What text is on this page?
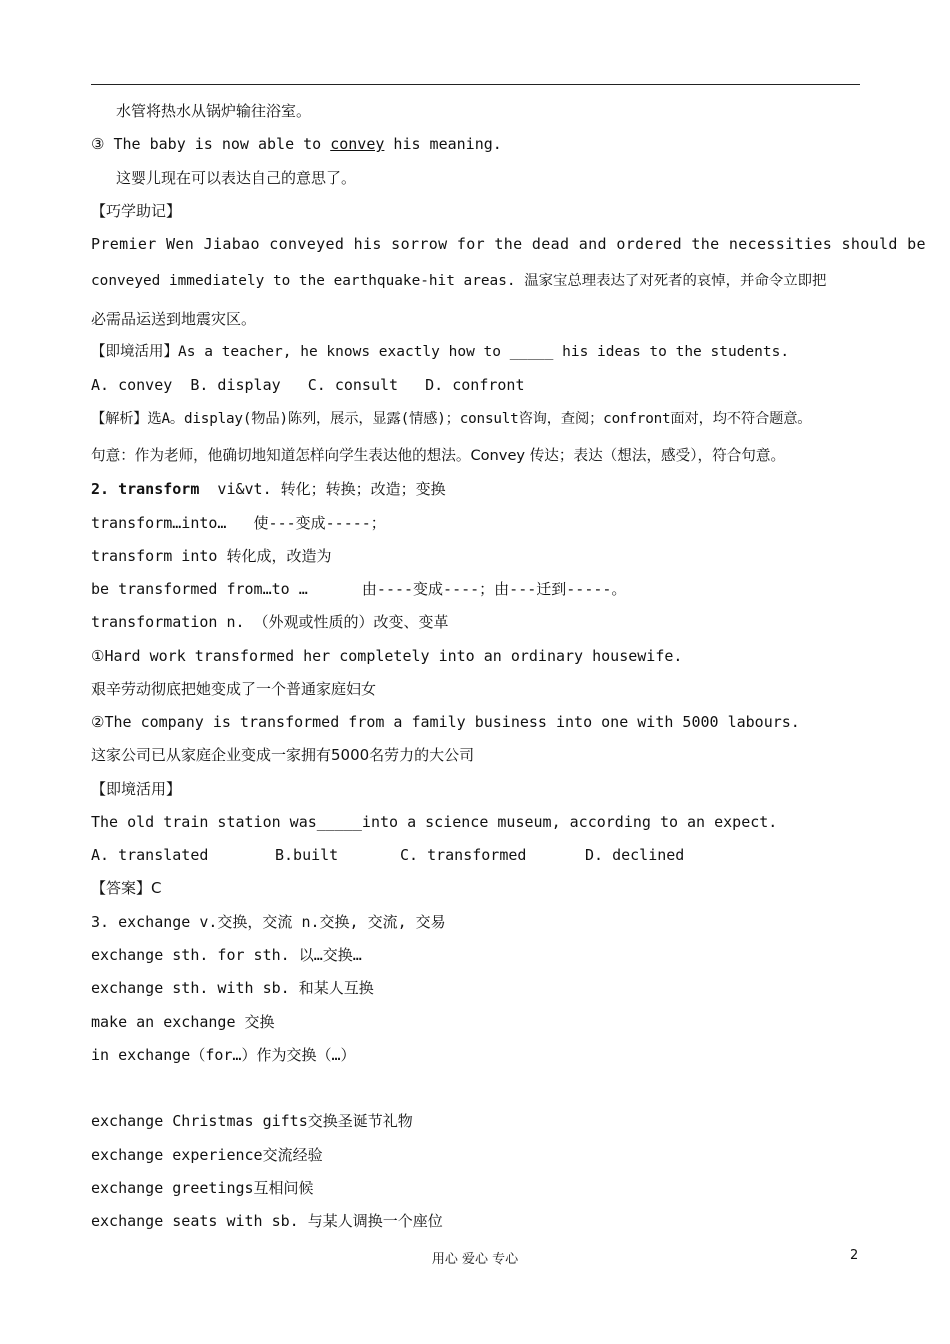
水管将热水从锅炉输往浴室。
③ The baby is now able to convey his meaning.
这婴儿现在可以表达自己的意思了。
【巧学助记】
Premier Wen Jiabao conveyed his sorrow for the dead and ordered the necessities should be
conveyed immediately to the earthquake-hit areas. 温家宝总理表达了对死者的哀悼，并命令立即把
必需品运送到地震灾区。
【即境活用】As a teacher, he knows exactly how to _____ his ideas to the students.
A. convey  B. display   C. consult   D. confront
【解析】选A。display(物品)陈列，展示，显露(情感)；consult咨询，查阅；confront面对，均不符合题意。
句意：作为老师，他确切地知道怎样向学生表达他的想法。Convey 传达；表达（想法，感受），符合句意。
2. transform  vi&vt. 转化；转换；改造；变换
transform…into…   使---变成-----；
transform into 转化成，改造为
be transformed from…to …      由----变成----；由---迁到-----。
transformation n. （外观或性质的）改变、变革
①Hard work transformed her completely into an ordinary housewife.
艰辛劳动彻底把她变成了一个普通家庭妇女
②The company is transformed from a family business into one with 5000 labours.
这家公司已从家庭企业变成一家拥有5000名劳力的大公司
【即境活用】
The old train station was_____into a science museum, according to an expect.
A. translated	B.built	C. transformed	D. declined
【答案】C
3. exchange v.交换，交流 n.交换, 交流, 交易
exchange sth. for sth. 以…交换…
exchange sth. with sb. 和某人互换
make an exchange 交换
in exchange（for…）作为交换（…）
exchange Christmas gifts交换圣诞节礼物
exchange experience交流经验
exchange greetings互相问候
exchange seats with sb. 与某人调换一个座位
用心 爱心 专心	2
